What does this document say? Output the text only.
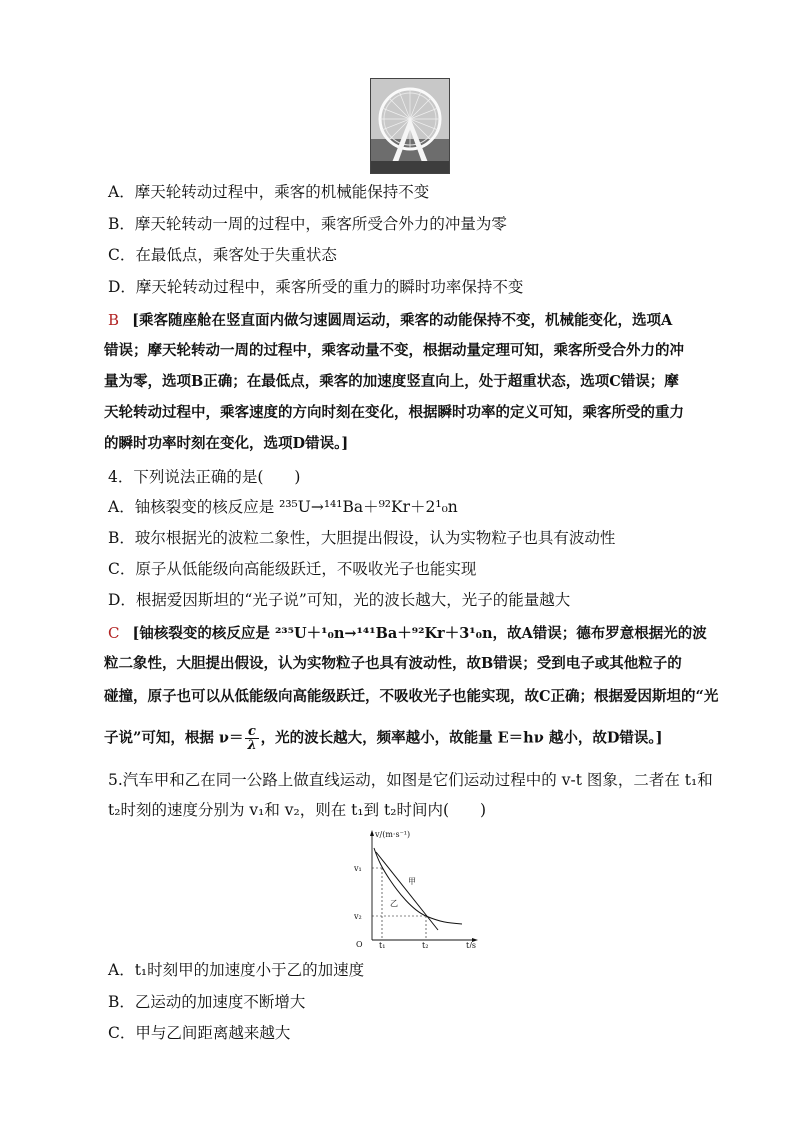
A．摩天轮转动过程中，乘客的机械能保持不变
B．摩天轮转动一周的过程中，乘客所受合外力的冲量为零
C．在最低点，乘客处于失重状态
D．摩天轮转动过程中，乘客所受的重力的瞬时功率保持不变
B [乘客随座舱在竖直面内做匀速圆周运动，乘客的动能保持不变，机械能变化，选项A
错误；摩天轮转动一周的过程中，乘客动量不变，根据动量定理可知，乘客所受合外力的冲
量为零，选项B正确；在最低点，乘客的加速度竖直向上，处于超重状态，选项C错误；摩
天轮转动过程中，乘客速度的方向时刻在变化，根据瞬时功率的定义可知，乘客所受的重力
的瞬时功率时刻在变化，选项D错误。]
4．下列说法正确的是(　　)
A．铀核裂变的核反应是 ²³⁵U→¹⁴¹Ba＋⁹²Kr＋2¹₀n
B．玻尔根据光的波粒二象性，大胆提出假设，认为实物粒子也具有波动性
C．原子从低能级向高能级跃迁，不吸收光子也能实现
D．根据爱因斯坦的“光子说”可知，光的波长越大，光子的能量越大
C [铀核裂变的核反应是 ²³⁵U＋¹₀n→¹⁴¹Ba＋⁹²Kr＋3¹₀n，故A错误；德布罗意根据光的波
粒二象性，大胆提出假设，认为实物粒子也具有波动性，故B错误；受到电子或其他粒子的
碰撞，原子也可以从低能级向高能级跃迁，不吸收光子也能实现，故C正确；根据爱因斯坦的“光
子说”可知，根据 $\nu= \frac{c}{\lambda}$ ，光的波长越大，频率越小，故能量 E＝hν 越小，故D错误。]
5.汽车甲和乙在同一公路上做直线运动，如图是它们运动过程中的 v-t 图象，二者在 t₁和
t₂时刻的速度分别为 v₁和 v₂，则在 t₁到 t₂时间内(　　)
v/(m·s⁻¹)
t/s
O
v₁
v₂
t₁	t₂
甲
乙
A．t₁时刻甲的加速度小于乙的加速度
B．乙运动的加速度不断增大
C．甲与乙间距离越来越大
